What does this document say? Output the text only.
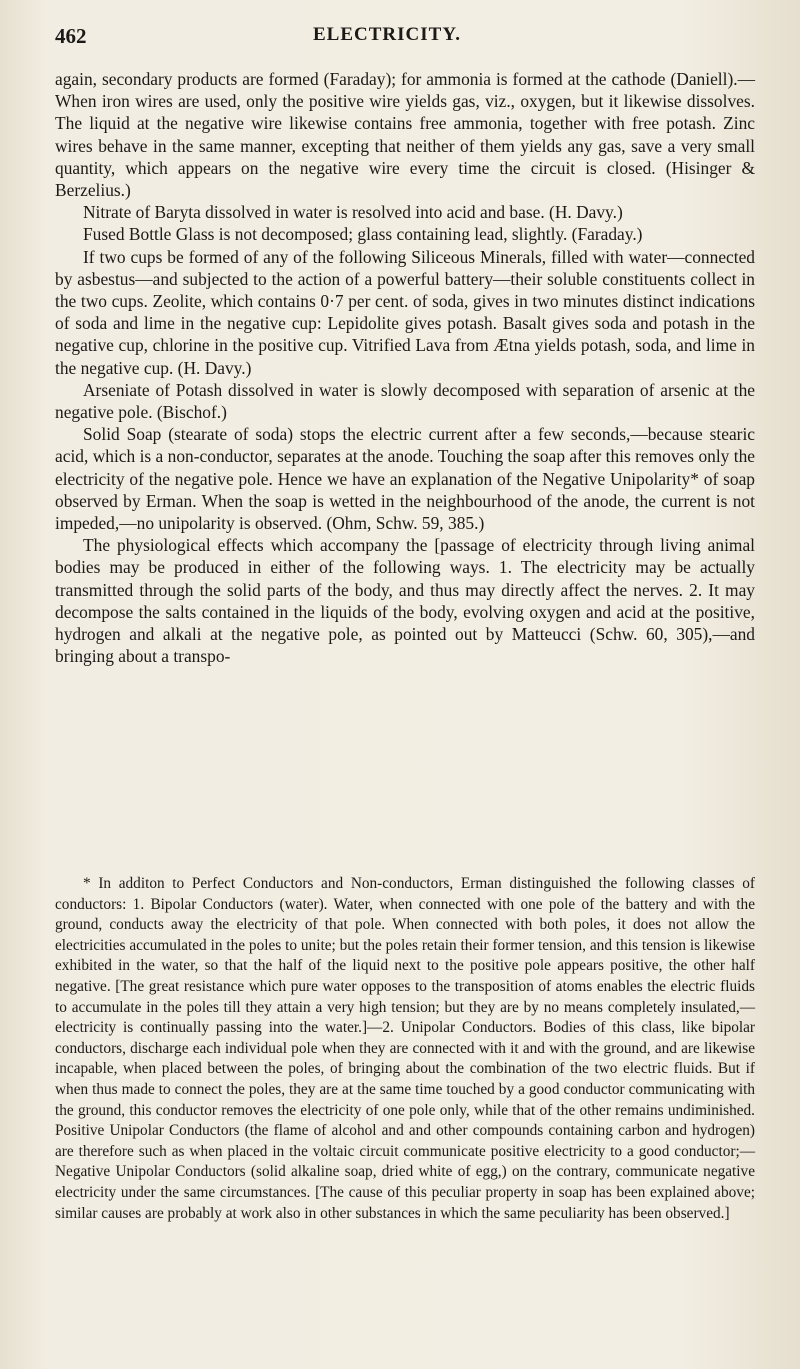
462	ELECTRICITY.

again, secondary products are formed (Faraday); for ammonia is formed at the cathode (Daniell).—When iron wires are used, only the positive wire yields gas, viz., oxygen, but it likewise dissolves. The liquid at the negative wire likewise contains free ammonia, together with free potash. Zinc wires behave in the same manner, excepting that neither of them yields any gas, save a very small quantity, which appears on the negative wire every time the circuit is closed. (Hisinger & Berzelius.)

Nitrate of Baryta dissolved in water is resolved into acid and base. (H. Davy.)

Fused Bottle Glass is not decomposed; glass containing lead, slightly. (Faraday.)

If two cups be formed of any of the following Siliceous Minerals, filled with water—connected by asbestus—and subjected to the action of a powerful battery—their soluble constituents collect in the two cups. Zeolite, which contains 0·7 per cent. of soda, gives in two minutes distinct indications of soda and lime in the negative cup: Lepidolite gives potash. Basalt gives soda and potash in the negative cup, chlorine in the positive cup. Vitrified Lava from Ætna yields potash, soda, and lime in the negative cup. (H. Davy.)

Arseniate of Potash dissolved in water is slowly decomposed with separation of arsenic at the negative pole. (Bischof.)

Solid Soap (stearate of soda) stops the electric current after a few seconds,—because stearic acid, which is a non-conductor, separates at the anode. Touching the soap after this removes only the electricity of the negative pole. Hence we have an explanation of the Negative Unipolarity* of soap observed by Erman. When the soap is wetted in the neighbourhood of the anode, the current is not impeded,—no unipolarity is observed. (Ohm, Schw. 59, 385.)

The physiological effects which accompany the [passage of electricity through living animal bodies may be produced in either of the following ways. 1. The electricity may be actually transmitted through the solid parts of the body, and thus may directly affect the nerves. 2. It may decompose the salts contained in the liquids of the body, evolving oxygen and acid at the positive, hydrogen and alkali at the negative pole, as pointed out by Matteucci (Schw. 60, 305),—and bringing about a transpo-

* In additon to Perfect Conductors and Non-conductors, Erman distinguished the following classes of conductors: 1. Bipolar Conductors (water). Water, when connected with one pole of the battery and with the ground, conducts away the electricity of that pole. When connected with both poles, it does not allow the electricities accumulated in the poles to unite; but the poles retain their former tension, and this tension is likewise exhibited in the water, so that the half of the liquid next to the positive pole appears positive, the other half negative. [The great resistance which pure water opposes to the transposition of atoms enables the electric fluids to accumulate in the poles till they attain a very high tension; but they are by no means completely insulated,—electricity is continually passing into the water.]—2. Unipolar Conductors. Bodies of this class, like bipolar conductors, discharge each individual pole when they are connected with it and with the ground, and are likewise incapable, when placed between the poles, of bringing about the combination of the two electric fluids. But if when thus made to connect the poles, they are at the same time touched by a good conductor communicating with the ground, this conductor removes the electricity of one pole only, while that of the other remains undiminished. Positive Unipolar Conductors (the flame of alcohol and and other compounds containing carbon and hydrogen) are therefore such as when placed in the voltaic circuit communicate positive electricity to a good conductor;—Negative Unipolar Conductors (solid alkaline soap, dried white of egg,) on the contrary, communicate negative electricity under the same circumstances. [The cause of this peculiar property in soap has been explained above; similar causes are probably at work also in other substances in which the same peculiarity has been observed.]
